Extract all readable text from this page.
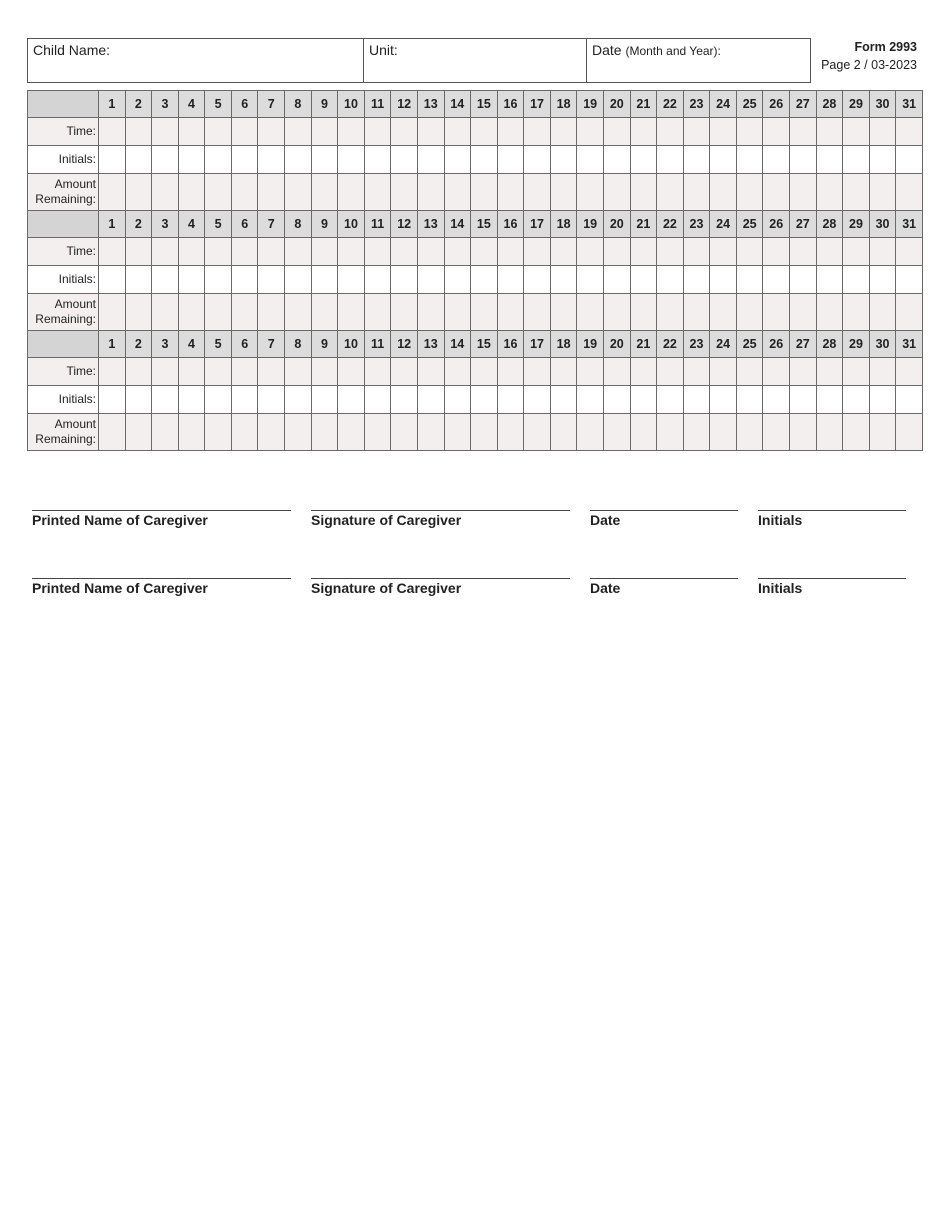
Child Name:	Unit:	Date (Month and Year):	Form 2993
Page 2 / 03-2023
	1	2	3	4	5	6	7	8	9	10	11	12	13	14	15	16	17	18	19	20	21	22	23	24	25	26	27	28	29	30	31
Time:																															
Initials:																															
Amount Remaining:																															
	1	2	3	4	5	6	7	8	9	10	11	12	13	14	15	16	17	18	19	20	21	22	23	24	25	26	27	28	29	30	31
Time:																															
Initials:																															
Amount Remaining:																															
	1	2	3	4	5	6	7	8	9	10	11	12	13	14	15	16	17	18	19	20	21	22	23	24	25	26	27	28	29	30	31
Time:																															
Initials:																															
Amount Remaining:																															
Printed Name of Caregiver	Signature of Caregiver	Date	Initials
Printed Name of Caregiver	Signature of Caregiver	Date	Initials
